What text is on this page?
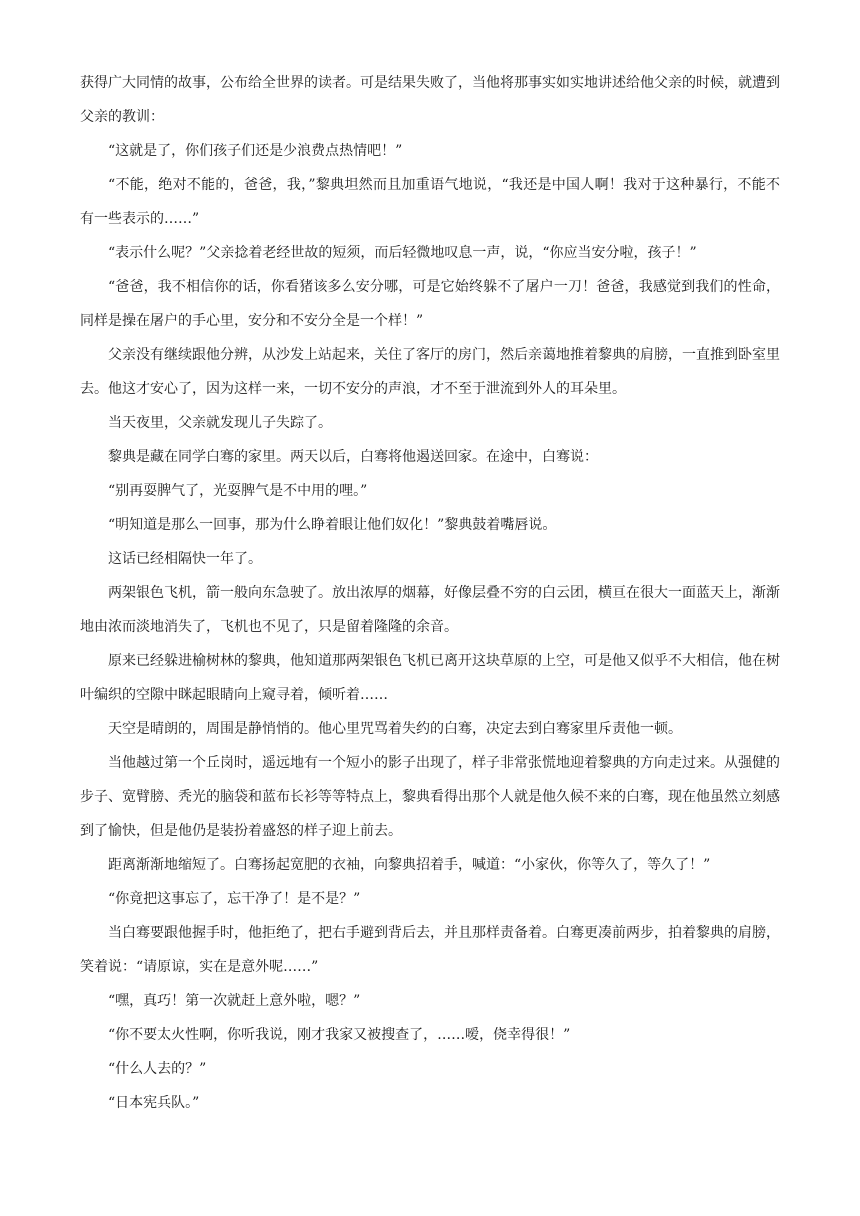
获得广大同情的故事，公布给全世界的读者。可是结果失败了，当他将那事实如实地讲述给他父亲的时候，就遭到父亲的教训：

“这就是了，你们孩子们还是少浪费点热情吧！”

“不能，绝对不能的，爸爸，我，”黎典坦然而且加重语气地说，“我还是中国人啊！我对于这种暴行，不能不有一些表示的……”

“表示什么呢？”父亲捻着老经世故的短须，而后轻微地叹息一声，说，“你应当安分啦，孩子！”

“爸爸，我不相信你的话，你看猪该多么安分哪，可是它始终躲不了屠户一刀！爸爸，我感觉到我们的性命，同样是操在屠户的手心里，安分和不安分全是一个样！”

父亲没有继续跟他分辨，从沙发上站起来，关住了客厅的房门，然后亲蔼地推着黎典的肩膀，一直推到卧室里去。他这才安心了，因为这样一来，一切不安分的声浪，才不至于泄流到外人的耳朵里。

当天夜里，父亲就发现儿子失踪了。

黎典是藏在同学白骞的家里。两天以后，白骞将他遏送回家。在途中，白骞说：

“别再耍脾气了，光耍脾气是不中用的哩。”

“明知道是那么一回事，那为什么睁着眼让他们奴化！”黎典鼓着嘴唇说。

这话已经相隔快一年了。

两架银色飞机，箭一般向东急驶了。放出浓厚的烟幕，好像层叠不穷的白云团，横亘在很大一面蓝天上，渐渐地由浓而淡地消失了，飞机也不见了，只是留着隆隆的余音。

原来已经躲进榆树林的黎典，他知道那两架银色飞机已离开这块草原的上空，可是他又似乎不大相信，他在树叶编织的空隙中眯起眼睛向上窥寻着，倾听着……

天空是晴朗的，周围是静悄悄的。他心里咒骂着失约的白骞，决定去到白骞家里斥责他一顿。

当他越过第一个丘岗时，遥远地有一个短小的影子出现了，样子非常张慌地迎着黎典的方向走过来。从强健的步子、宽臂膀、秃光的脑袋和蓝布长衫等等特点上，黎典看得出那个人就是他久候不来的白骞，现在他虽然立刻感到了愉快，但是他仍是装扮着盛怒的样子迎上前去。

距离渐渐地缩短了。白骞扬起宽肥的衣袖，向黎典招着手，喊道：“小家伙，你等久了，等久了！”

“你竟把这事忘了，忘干净了！是不是？”

当白骞要跟他握手时，他拒绝了，把右手避到背后去，并且那样责备着。白骞更凑前两步，拍着黎典的肩膀，笑着说：“请原谅，实在是意外呢……”

“嘿，真巧！第一次就赶上意外啦，嗯？”

“你不要太火性啊，你听我说，刚才我家又被搜查了，……嗳，侥幸得很！”

“什么人去的？”

“日本宪兵队。”
